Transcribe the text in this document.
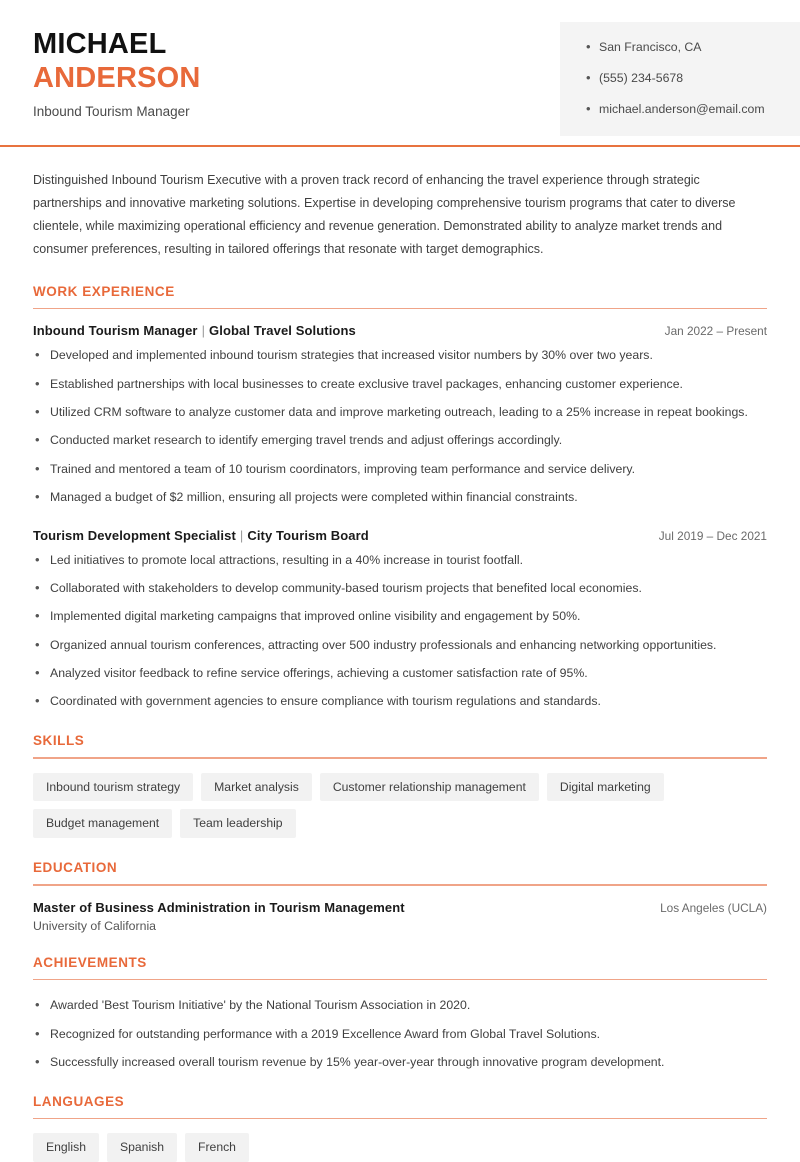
MICHAEL
ANDERSON
Inbound Tourism Manager
• San Francisco, CA
• (555) 234-5678
• michael.anderson@email.com

Distinguished Inbound Tourism Executive with a proven track record of enhancing the travel experience through strategic partnerships and innovative marketing solutions. Expertise in developing comprehensive tourism programs that cater to diverse clientele, while maximizing operational efficiency and revenue generation. Demonstrated ability to analyze market trends and consumer preferences, resulting in tailored offerings that resonate with target demographics.

WORK EXPERIENCE
Inbound Tourism Manager | Global Travel Solutions	Jan 2022 – Present
• Developed and implemented inbound tourism strategies that increased visitor numbers by 30% over two years.
• Established partnerships with local businesses to create exclusive travel packages, enhancing customer experience.
• Utilized CRM software to analyze customer data and improve marketing outreach, leading to a 25% increase in repeat bookings.
• Conducted market research to identify emerging travel trends and adjust offerings accordingly.
• Trained and mentored a team of 10 tourism coordinators, improving team performance and service delivery.
• Managed a budget of $2 million, ensuring all projects were completed within financial constraints.
Tourism Development Specialist | City Tourism Board	Jul 2019 – Dec 2021
• Led initiatives to promote local attractions, resulting in a 40% increase in tourist footfall.
• Collaborated with stakeholders to develop community-based tourism projects that benefited local economies.
• Implemented digital marketing campaigns that improved online visibility and engagement by 50%.
• Organized annual tourism conferences, attracting over 500 industry professionals and enhancing networking opportunities.
• Analyzed visitor feedback to refine service offerings, achieving a customer satisfaction rate of 95%.
• Coordinated with government agencies to ensure compliance with tourism regulations and standards.
SKILLS
Inbound tourism strategy	Market analysis	Customer relationship management	Digital marketing
Budget management	Team leadership
EDUCATION
Master of Business Administration in Tourism Management	Los Angeles (UCLA)
University of California
ACHIEVEMENTS
• Awarded 'Best Tourism Initiative' by the National Tourism Association in 2020.
• Recognized for outstanding performance with a 2019 Excellence Award from Global Travel Solutions.
• Successfully increased overall tourism revenue by 15% year-over-year through innovative program development.
LANGUAGES
English	Spanish	French
